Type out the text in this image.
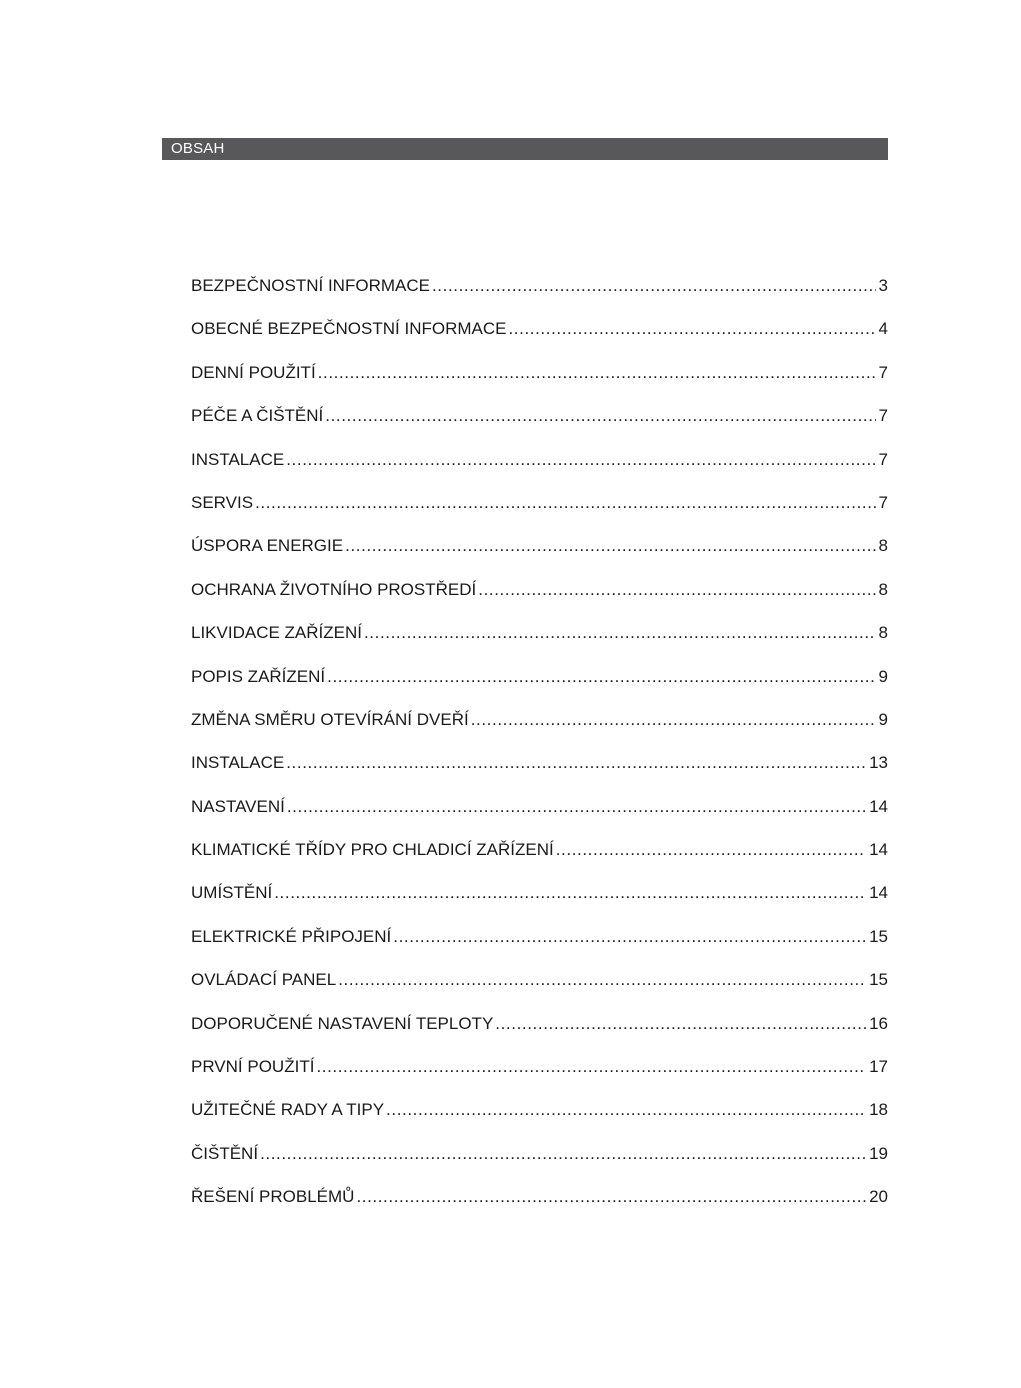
OBSAH
BEZPEČNOSTNÍ INFORMACE .....	3
OBECNÉ BEZPEČNOSTNÍ INFORMACE .....	4
DENNÍ POUŽITÍ .....	7
PÉČE A ČIŠTĚNÍ .....	7
INSTALACE .....	7
SERVIS .....	7
ÚSPORA ENERGIE .....	8
OCHRANA ŽIVOTNÍHO PROSTŘEDÍ .....	8
LIKVIDACE ZAŘÍZENÍ .....	8
POPIS ZAŘÍZENÍ .....	9
ZMĚNA SMĚRU OTEVÍRÁNÍ DVEŘÍ .....	9
INSTALACE .....	13
NASTAVENÍ .....	14
KLIMATICKÉ TŘÍDY PRO CHLADICÍ ZAŘÍZENÍ .....	14
UMÍSTĚNÍ .....	14
ELEKTRICKÉ PŘIPOJENÍ .....	15
OVLÁDACÍ PANEL .....	15
DOPORUČENÉ NASTAVENÍ TEPLOTY .....	16
PRVNÍ POUŽITÍ .....	17
UŽITEČNÉ RADY A TIPY .....	18
ČIŠTĚNÍ .....	19
ŘEŠENÍ PROBLÉMŮ .....	20
